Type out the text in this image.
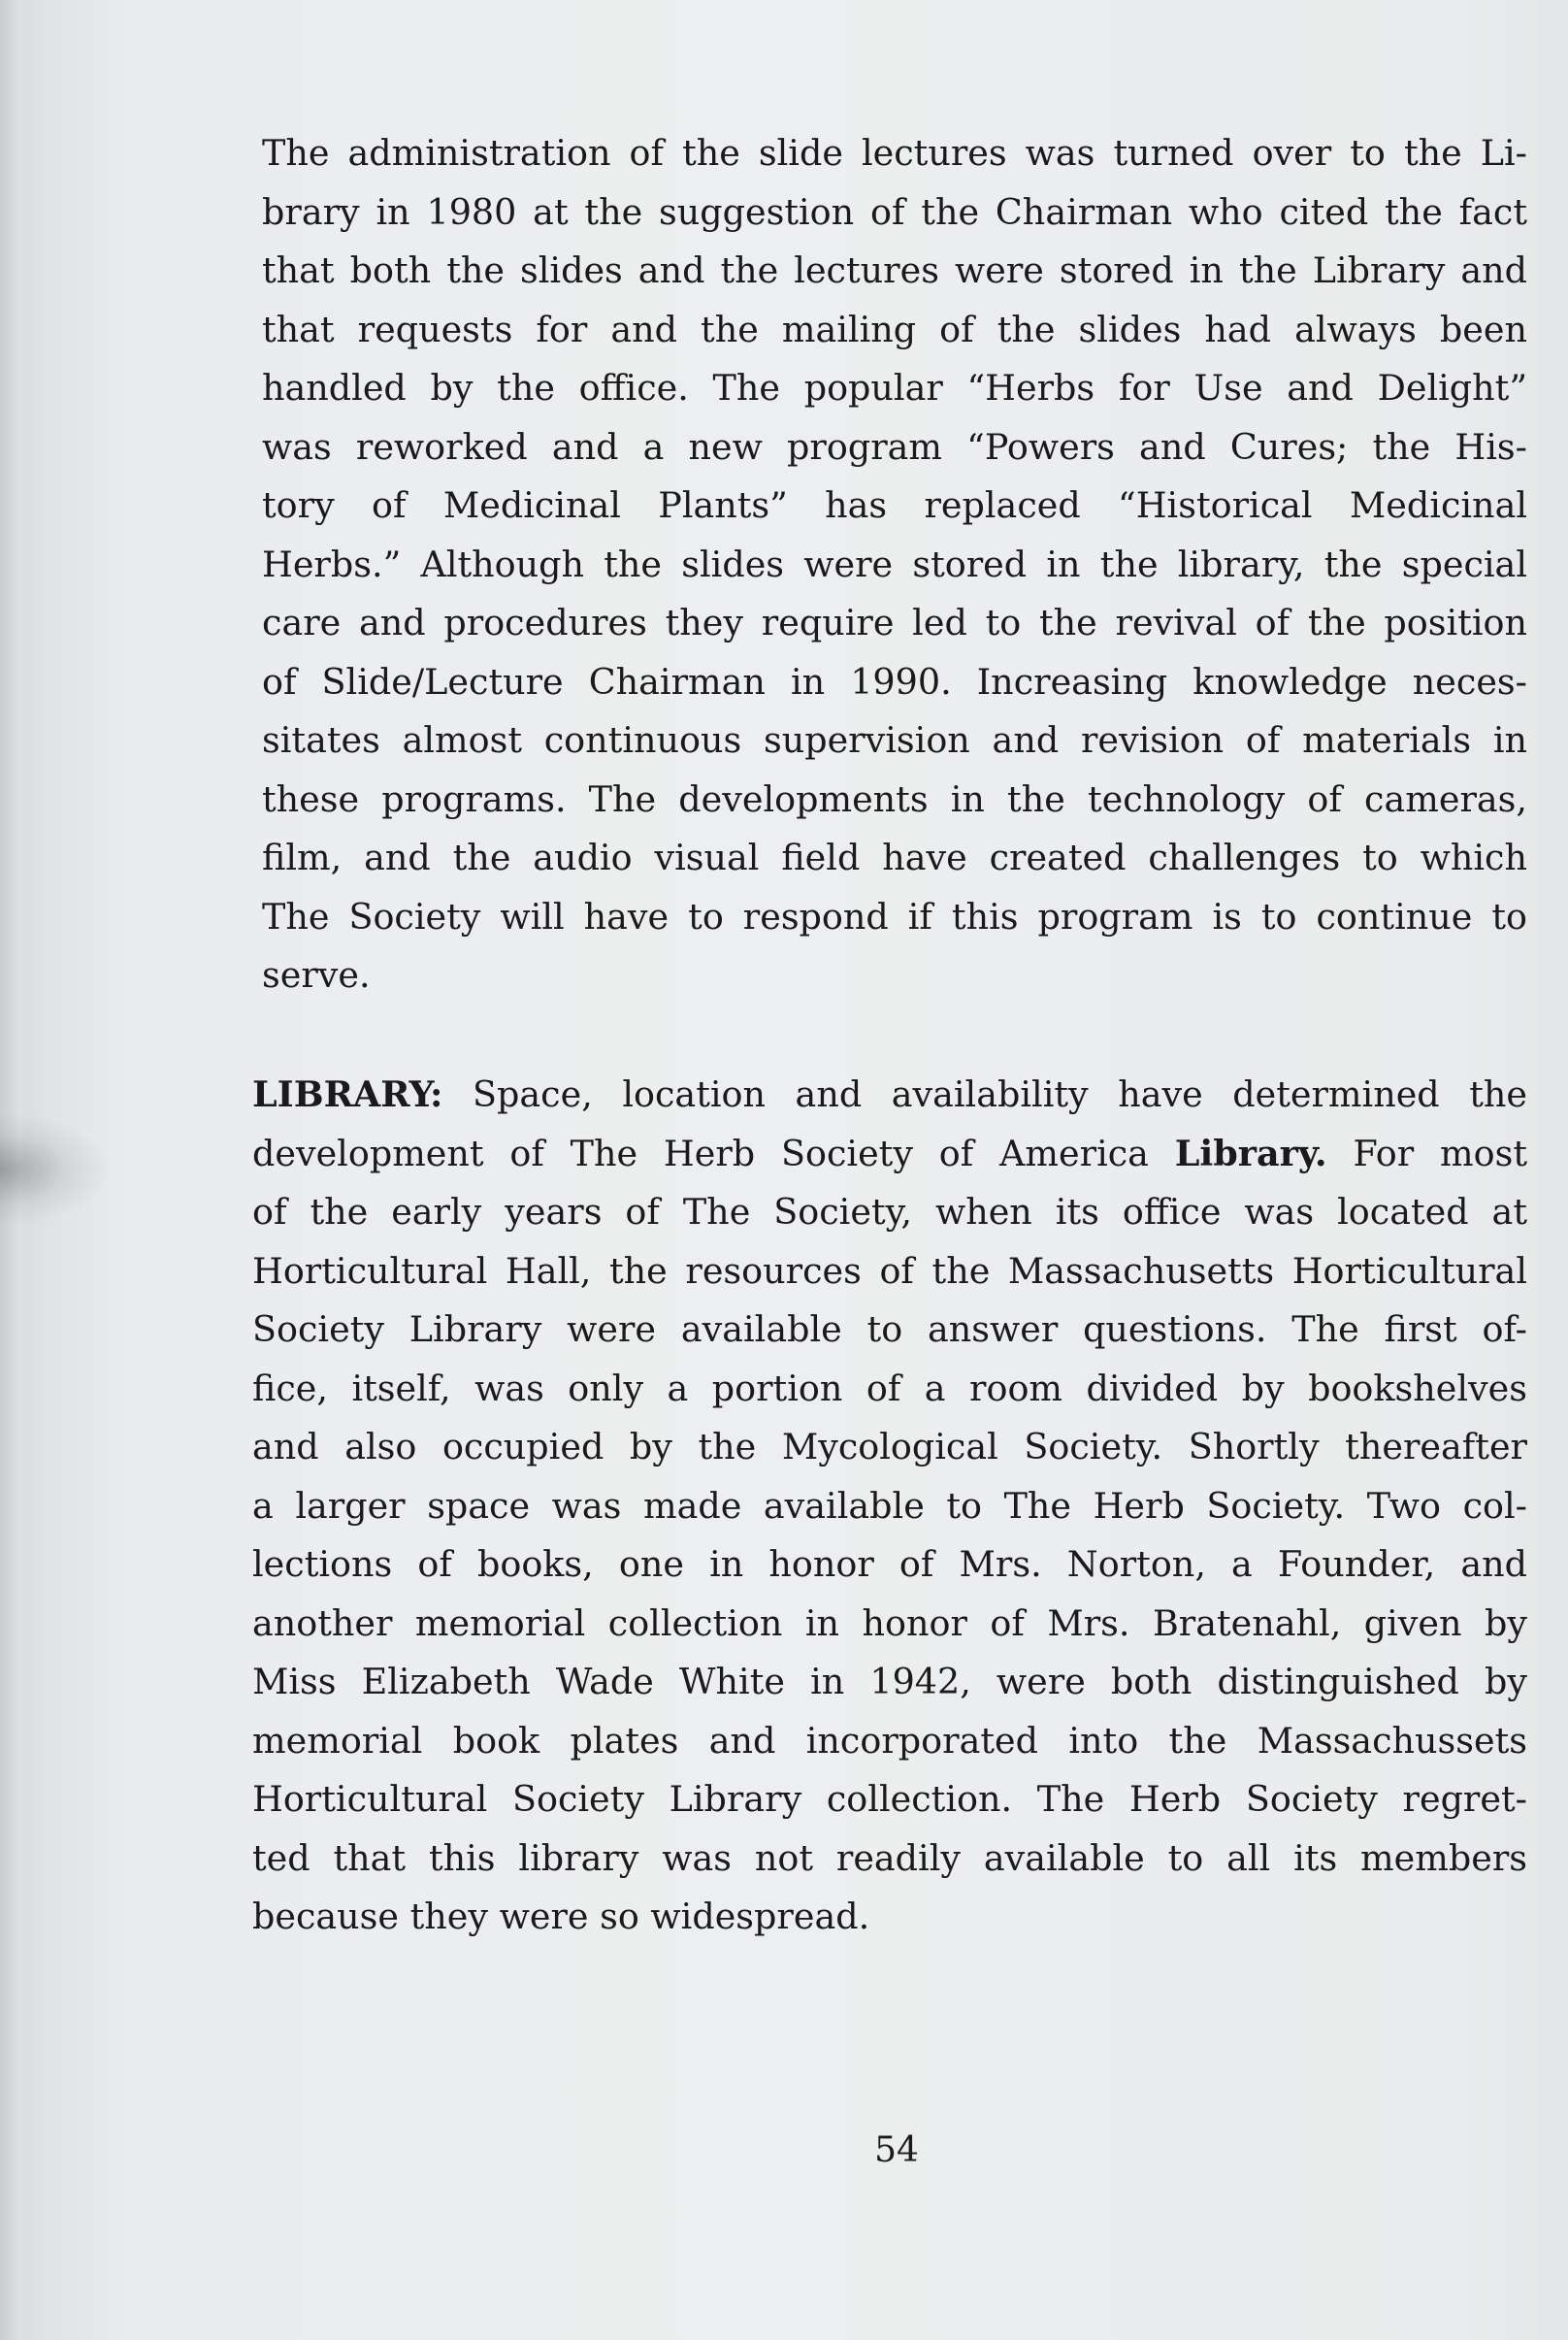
The administration of the slide lectures was turned over to the Li-
brary in 1980 at the suggestion of the Chairman who cited the fact
that both the slides and the lectures were stored in the Library and
that requests for and the mailing of the slides had always been
handled by the office. The popular “Herbs for Use and Delight”
was reworked and a new program “Powers and Cures; the His-
tory of Medicinal Plants” has replaced “Historical Medicinal
Herbs.” Although the slides were stored in the library, the special
care and procedures they require led to the revival of the position
of Slide/Lecture Chairman in 1990. Increasing knowledge neces-
sitates almost continuous supervision and revision of materials in
these programs. The developments in the technology of cameras,
film, and the audio visual field have created challenges to which
The Society will have to respond if this program is to continue to
serve.
LIBRARY: Space, location and availability have determined the
development of The Herb Society of America Library. For most
of the early years of The Society, when its office was located at
Horticultural Hall, the resources of the Massachusetts Horticultural
Society Library were available to answer questions. The first of-
fice, itself, was only a portion of a room divided by bookshelves
and also occupied by the Mycological Society. Shortly thereafter
a larger space was made available to The Herb Society. Two col-
lections of books, one in honor of Mrs. Norton, a Founder, and
another memorial collection in honor of Mrs. Bratenahl, given by
Miss Elizabeth Wade White in 1942, were both distinguished by
memorial book plates and incorporated into the Massachussets
Horticultural Society Library collection. The Herb Society regret-
ted that this library was not readily available to all its members
because they were so widespread.
54
